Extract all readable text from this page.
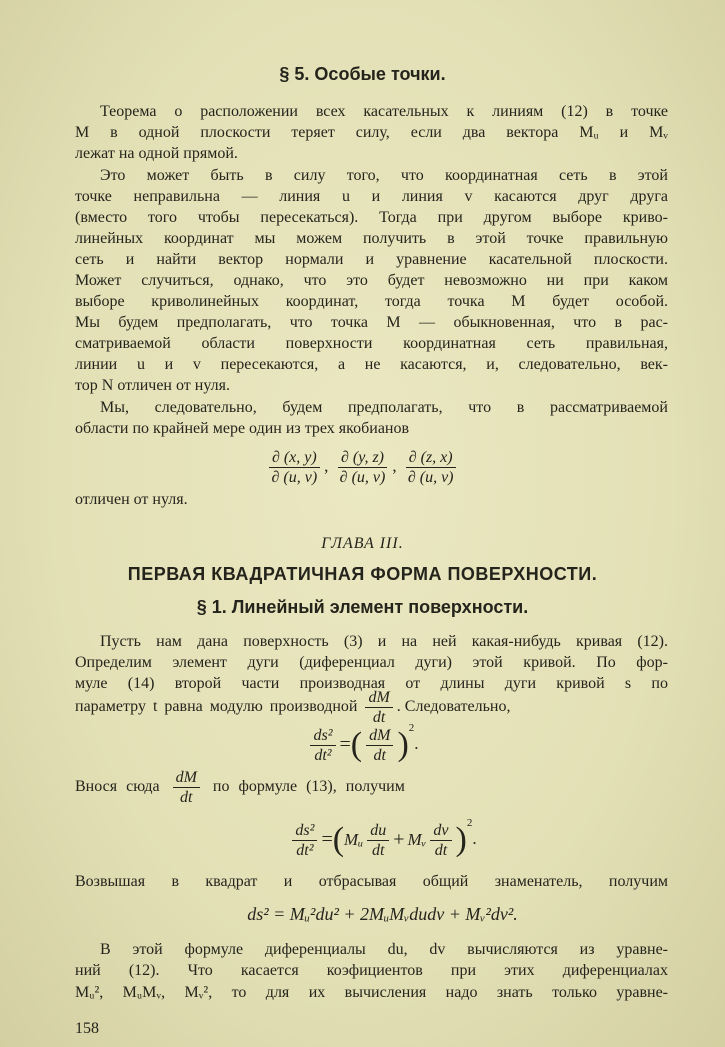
§ 5. Особые точки.
Теорема о расположении всех касательных к линиям (12) в точке
M в одной плоскости теряет силу, если два вектора Mᵤ и Mᵥ
лежат на одной прямой.
Это может быть в силу того, что координатная сеть в этой
точке неправильна — линия u и линия v касаются друг друга
(вместо того чтобы пересекаться). Тогда при другом выборе криво-
линейных координат мы можем получить в этой точке правильную
сеть и найти вектор нормали и уравнение касательной плоскости.
Может случиться, однако, что это будет невозможно ни при каком
выборе криволинейных координат, тогда точка M будет особой.
Мы будем предполагать, что точка M — обыкновенная, что в рас-
сматриваемой области поверхности координатная сеть правильная,
линии u и v пересекаются, а не касаются, и, следовательно, век-
тор N отличен от нуля.
Мы, следовательно, будем предполагать, что в рассматриваемой
области по крайней мере один из трех якобианов
$\frac{\partial (x, y)}{\partial (u, v)}$ , $\frac{\partial (y, z)}{\partial (u, v)}$ , $\frac{\partial (z, x)}{\partial (u, v)}$
отличен от нуля.
ГЛАВА III.
ПЕРВАЯ КВАДРАТИЧНАЯ ФОРМА ПОВЕРХНОСТИ.
§ 1. Линейный элемент поверхности.
Пусть нам дана поверхность (3) и на ней какая-нибудь кривая (12).
Определим элемент дуги (диференциал дуги) этой кривой. По фор-
муле (14) второй части производная от длины дуги кривой s по
параметру t равна модулю производной $\frac{dM}{dt}$ . Следовательно,
$\frac{\text{ds²}}{\text{dt²}}$ =( $\frac{dM}{dt} )^2$.
Внося сюда $\frac{dM}{dt}$ по формуле (13), получим
$\frac{\text{ds²}}{\text{dt²}}$ =(Mᵤ $\frac{du}{dt}$ + Mᵥ $\frac{dv}{dt} )^2$.
Возвышая в квадрат и отбрасывая общий знаменатель, получим
ds² = Mᵤ²du² + 2MᵤMᵥdudv + Mᵥ²dv².
В этой формуле диференциалы du, dv вычисляются из уравне-
ний (12). Что касается коэфициентов при этих диференциалах
Mᵤ², MᵤMᵥ, Mᵥ², то для их вычисления надо знать только уравне-
158
